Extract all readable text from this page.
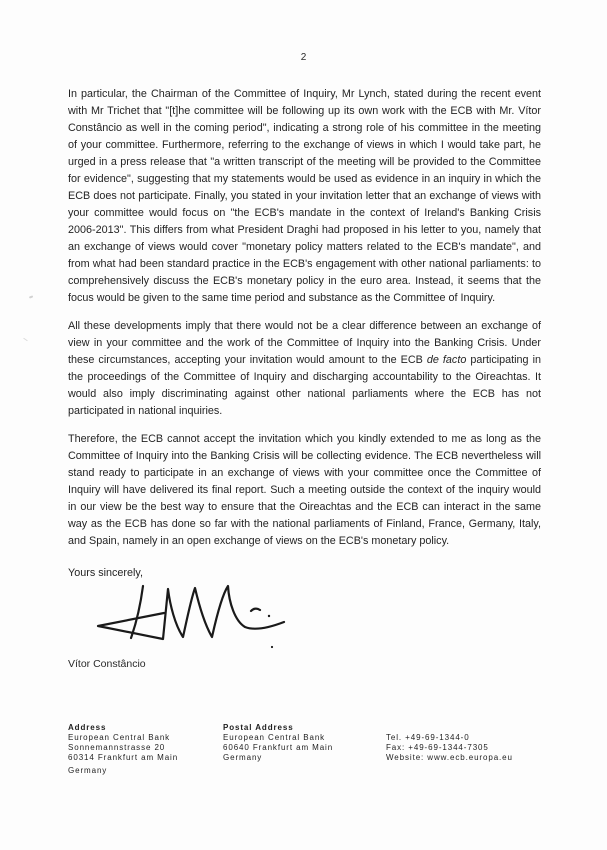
2

In particular, the Chairman of the Committee of Inquiry, Mr Lynch, stated during the recent event with Mr Trichet that "[t]he committee will be following up its own work with the ECB with Mr. Vítor Constâncio as well in the coming period", indicating a strong role of his committee in the meeting of your committee. Furthermore, referring to the exchange of views in which I would take part, he urged in a press release that "a written transcript of the meeting will be provided to the Committee for evidence", suggesting that my statements would be used as evidence in an inquiry in which the ECB does not participate. Finally, you stated in your invitation letter that an exchange of views with your committee would focus on "the ECB's mandate in the context of Ireland's Banking Crisis 2006-2013". This differs from what President Draghi had proposed in his letter to you, namely that an exchange of views would cover "monetary policy matters related to the ECB's mandate", and from what had been standard practice in the ECB's engagement with other national parliaments: to comprehensively discuss the ECB's monetary policy in the euro area. Instead, it seems that the focus would be given to the same time period and substance as the Committee of Inquiry.

All these developments imply that there would not be a clear difference between an exchange of view in your committee and the work of the Committee of Inquiry into the Banking Crisis. Under these circumstances, accepting your invitation would amount to the ECB de facto participating in the proceedings of the Committee of Inquiry and discharging accountability to the Oireachtas. It would also imply discriminating against other national parliaments where the ECB has not participated in national inquiries.

Therefore, the ECB cannot accept the invitation which you kindly extended to me as long as the Committee of Inquiry into the Banking Crisis will be collecting evidence. The ECB nevertheless will stand ready to participate in an exchange of views with your committee once the Committee of Inquiry will have delivered its final report. Such a meeting outside the context of the inquiry would in our view be the best way to ensure that the Oireachtas and the ECB can interact in the same way as the ECB has done so far with the national parliaments of Finland, France, Germany, Italy, and Spain, namely in an open exchange of views on the ECB's monetary policy.

Yours sincerely,

Vítor Constâncio
Address
European Central Bank
Sonnemannstrasse 20
60314 Frankfurt am Main
Germany
Postal Address
European Central Bank
60640 Frankfurt am Main
Germany
Tel. +49-69-1344-0
Fax: +49-69-1344-7305
Website: www.ecb.europa.eu
